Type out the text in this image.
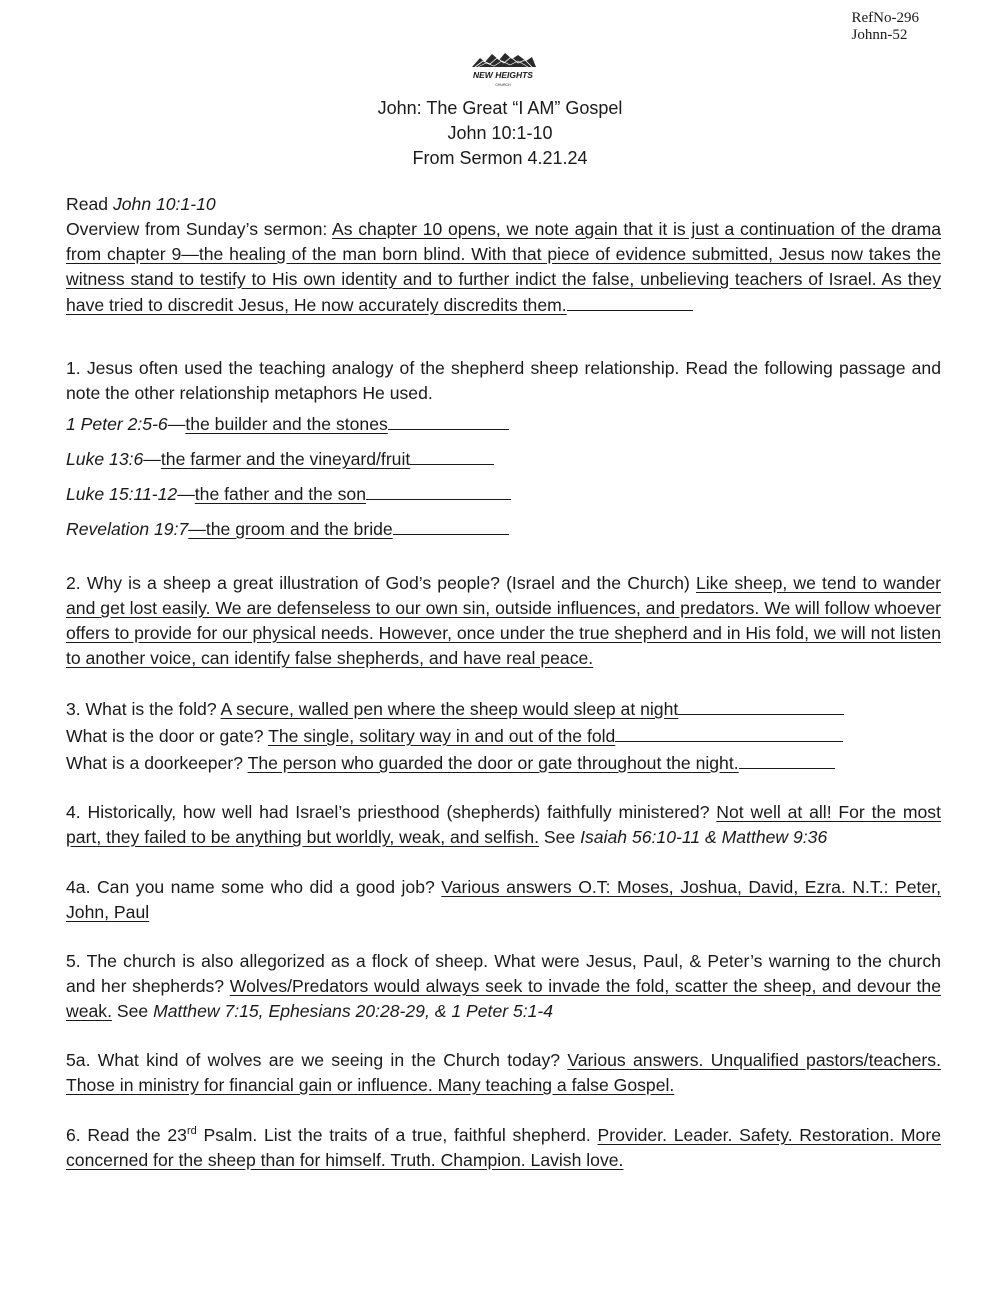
RefNo-296
Johnn-52
NEW HEIGHTS
CHURCH
John: The Great “I AM” Gospel
John 10:1-10
From Sermon 4.21.24

Read John 10:1-10

Overview from Sunday’s sermon: As chapter 10 opens, we note again that it is just a continuation of the drama from chapter 9—the healing of the man born blind. With that piece of evidence submitted, Jesus now takes the witness stand to testify to His own identity and to further indict the false, unbelieving teachers of Israel. As they have tried to discredit Jesus, He now accurately discredits them.

1. Jesus often used the teaching analogy of the shepherd sheep relationship. Read the following passage and note the other relationship metaphors He used.

1 Peter 2:5-6—the builder and the stones
Luke 13:6—the farmer and the vineyard/fruit
Luke 15:11-12—the father and the son
Revelation 19:7—the groom and the bride

2. Why is a sheep a great illustration of God’s people? (Israel and the Church) Like sheep, we tend to wander and get lost easily. We are defenseless to our own sin, outside influences, and predators. We will follow whoever offers to provide for our physical needs. However, once under the true shepherd and in His fold, we will not listen to another voice, can identify false shepherds, and have real peace.

3. What is the fold? A secure, walled pen where the sheep would sleep at night
What is the door or gate? The single, solitary way in and out of the fold
What is a doorkeeper? The person who guarded the door or gate throughout the night.

4. Historically, how well had Israel’s priesthood (shepherds) faithfully ministered? Not well at all! For the most part, they failed to be anything but worldly, weak, and selfish. See Isaiah 56:10-11 & Matthew 9:36

4a. Can you name some who did a good job? Various answers O.T: Moses, Joshua, David, Ezra. N.T.: Peter, John, Paul

5. The church is also allegorized as a flock of sheep. What were Jesus, Paul, & Peter’s warning to the church and her shepherds? Wolves/Predators would always seek to invade the fold, scatter the sheep, and devour the weak. See Matthew 7:15, Ephesians 20:28-29, & 1 Peter 5:1-4

5a. What kind of wolves are we seeing in the Church today? Various answers. Unqualified pastors/teachers. Those in ministry for financial gain or influence. Many teaching a false Gospel.

6. Read the 23rd Psalm. List the traits of a true, faithful shepherd. Provider. Leader. Safety. Restoration. More concerned for the sheep than for himself. Truth. Champion. Lavish love.
